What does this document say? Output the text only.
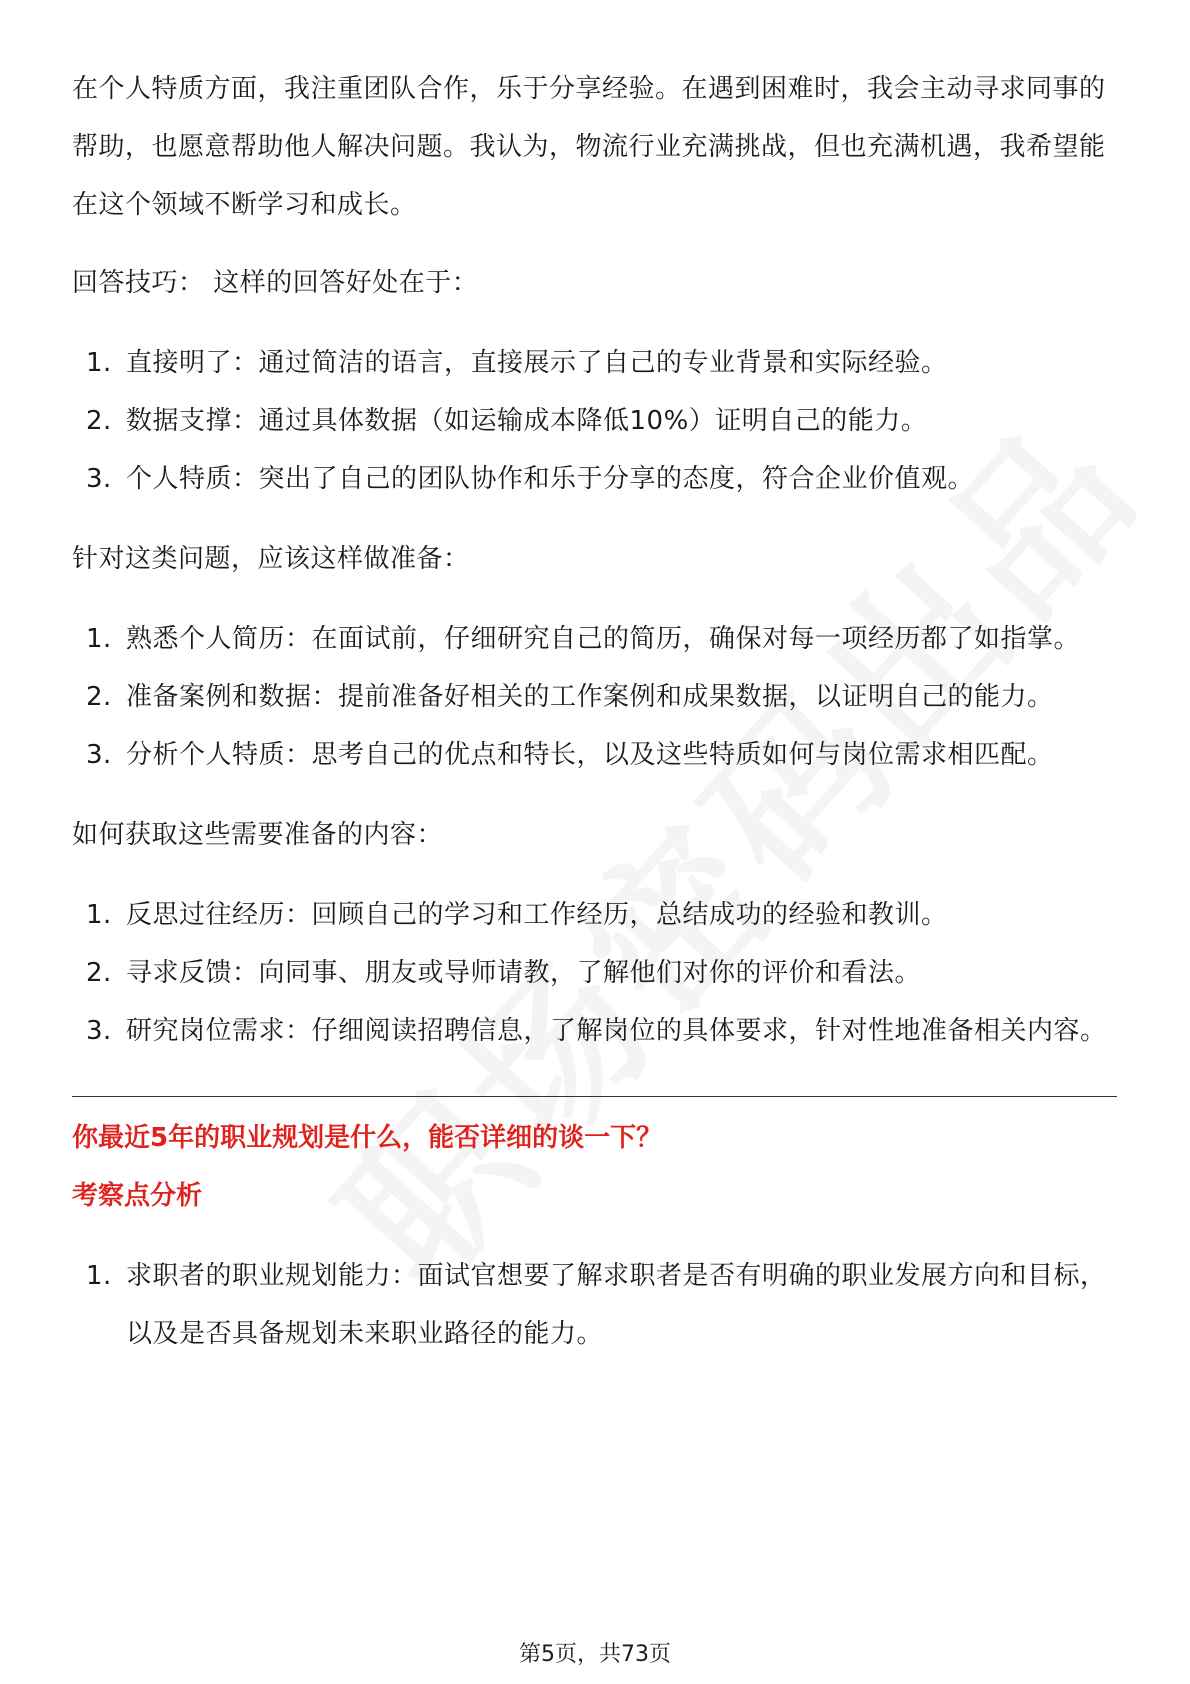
在个人特质方面，我注重团队合作，乐于分享经验。在遇到困难时，我会主动寻求同事的帮助，也愿意帮助他人解决问题。我认为，物流行业充满挑战，但也充满机遇，我希望能在这个领域不断学习和成长。

回答技巧： 这样的回答好处在于：

1. 直接明了：通过简洁的语言，直接展示了自己的专业背景和实际经验。
2. 数据支撑：通过具体数据（如运输成本降低10%）证明自己的能力。
3. 个人特质：突出了自己的团队协作和乐于分享的态度，符合企业价值观。

针对这类问题，应该这样做准备：

1. 熟悉个人简历：在面试前，仔细研究自己的简历，确保对每一项经历都了如指掌。
2. 准备案例和数据：提前准备好相关的工作案例和成果数据，以证明自己的能力。
3. 分析个人特质：思考自己的优点和特长，以及这些特质如何与岗位需求相匹配。

如何获取这些需要准备的内容：

1. 反思过往经历：回顾自己的学习和工作经历，总结成功的经验和教训。
2. 寻求反馈：向同事、朋友或导师请教，了解他们对你的评价和看法。
3. 研究岗位需求：仔细阅读招聘信息，了解岗位的具体要求，针对性地准备相关内容。

你最近5年的职业规划是什么，能否详细的谈一下？

考察点分析

1. 求职者的职业规划能力：面试官想要了解求职者是否有明确的职业发展方向和目标，以及是否具备规划未来职业路径的能力。
第5页，共73页
